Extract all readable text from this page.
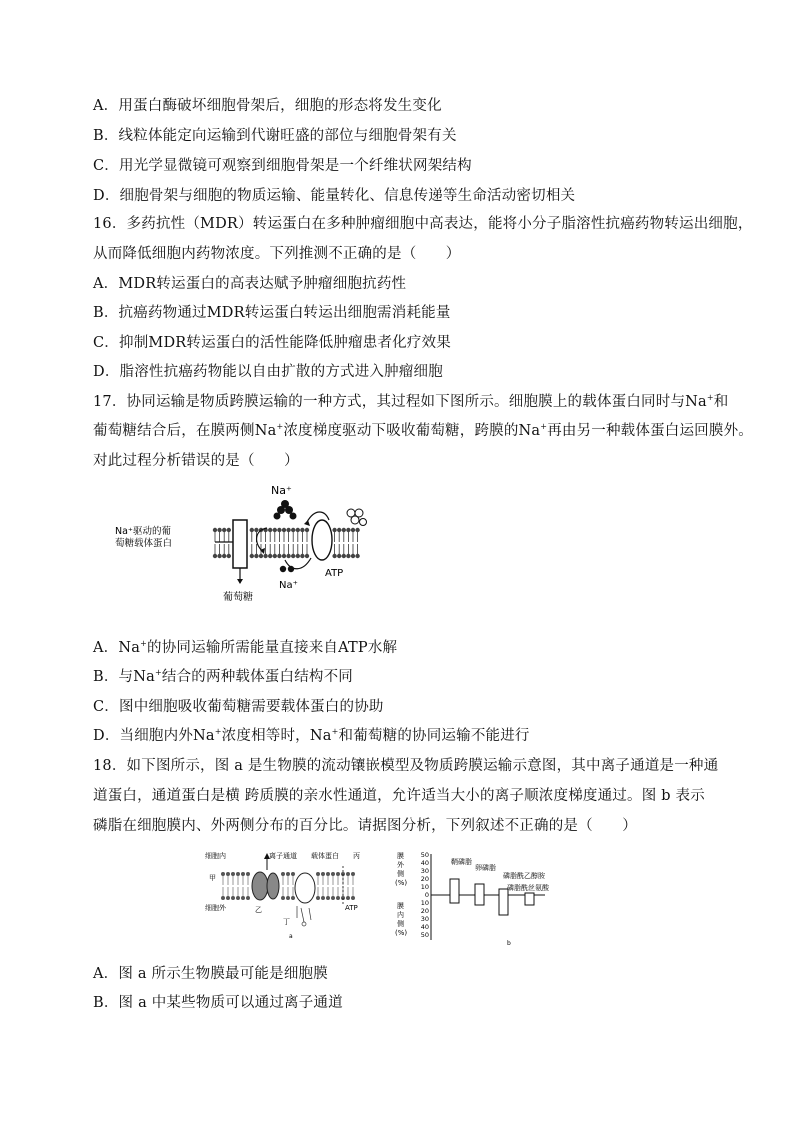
A．用蛋白酶破坏细胞骨架后，细胞的形态将发生变化
B．线粒体能定向运输到代谢旺盛的部位与细胞骨架有关
C．用光学显微镜可观察到细胞骨架是一个纤维状网架结构
D．细胞骨架与细胞的物质运输、能量转化、信息传递等生命活动密切相关
16．多药抗性（MDR）转运蛋白在多种肿瘤细胞中高表达，能将小分子脂溶性抗癌药物转运出细胞，
从而降低细胞内药物浓度。下列推测不正确的是（　　）
A．MDR转运蛋白的高表达赋予肿瘤细胞抗药性
B．抗癌药物通过MDR转运蛋白转运出细胞需消耗能量
C．抑制MDR转运蛋白的活性能降低肿瘤患者化疗效果
D．脂溶性抗癌药物能以自由扩散的方式进入肿瘤细胞
17．协同运输是物质跨膜运输的一种方式，其过程如下图所示。细胞膜上的载体蛋白同时与Na+和
葡萄糖结合后，在膜两侧Na+浓度梯度驱动下吸收葡萄糖，跨膜的Na+再由另一种载体蛋白运回膜外。
对此过程分析错误的是（　　）
Na⁺
Na⁺驱动的葡
萄糖载体蛋白
Na⁺
ATP
葡萄糖
A．Na+的协同运输所需能量直接来自ATP水解
B．与Na+结合的两种载体蛋白结构不同
C．图中细胞吸收葡萄糖需要载体蛋白的协助
D．当细胞内外Na+浓度相等时，Na+和葡萄糖的协同运输不能进行
18．如下图所示，图 a 是生物膜的流动镶嵌模型及物质跨膜运输示意图，其中离子通道是一种通
道蛋白，通道蛋白是横 跨质膜的亲水性通道，允许适当大小的离子顺浓度梯度通过。图 b 表示
磷脂在细胞膜内、外两侧分布的百分比。请据图分析，下列叙述不正确的是（　　）
细胞内	离子通道 载体蛋白 丙
甲
乙
丁
细胞外	ATP
a
膜
外
侧
(%)
膜
内
侧
(%)
50
40
30
20
10
0
10
20
30
40
50
鞘磷脂
卵磷脂
磷脂酰乙醇胺
磷脂酰丝氨酸
b
A．图 a 所示生物膜最可能是细胞膜
B．图 a 中某些物质可以通过离子通道
